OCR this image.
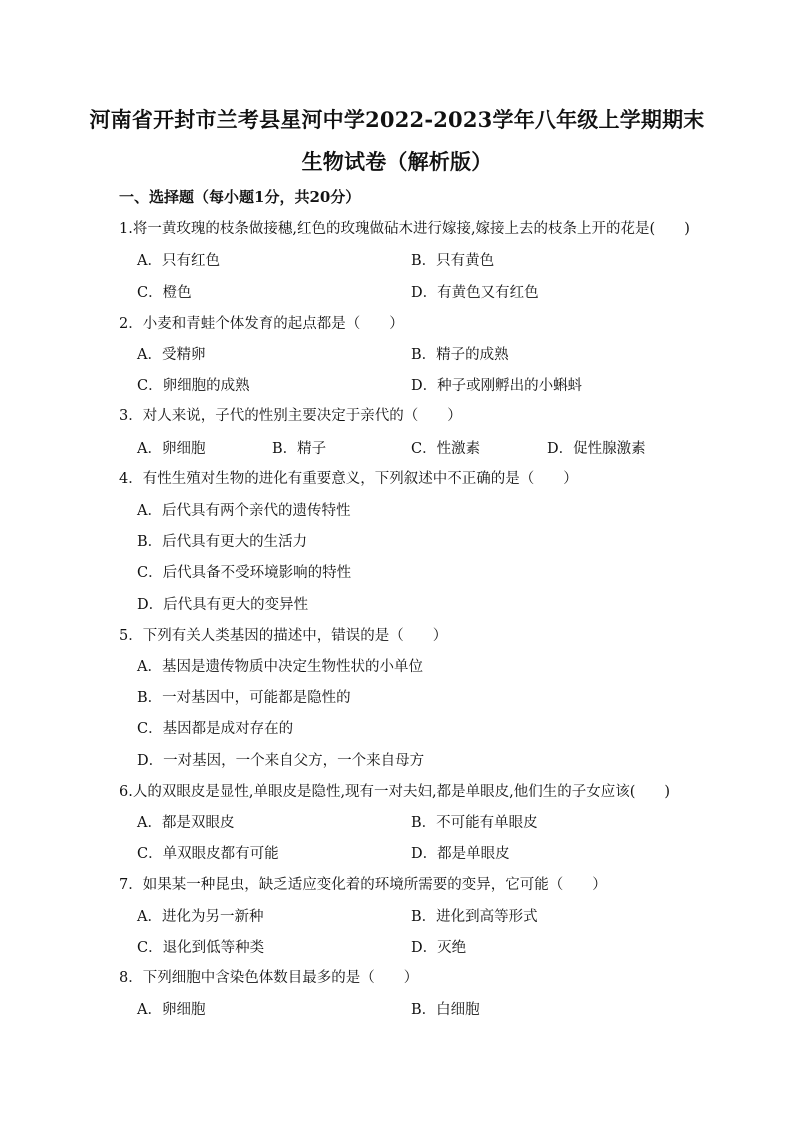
河南省开封市兰考县星河中学2022-2023学年八年级上学期期末
生物试卷（解析版）
一、选择题（每小题1分，共20分）
1.将一黄玫瑰的枝条做接穗,红色的玫瑰做砧木进行嫁接,嫁接上去的枝条上开的花是(　　)
A．只有红色	B．只有黄色
C．橙色	D．有黄色又有红色
2．小麦和青蛙个体发育的起点都是（　　）
A．受精卵	B．精子的成熟
C．卵细胞的成熟	D．种子或刚孵出的小蝌蚪
3．对人来说，子代的性别主要决定于亲代的（　　）
A．卵细胞	B．精子	C．性激素	D．促性腺激素
4．有性生殖对生物的进化有重要意义，下列叙述中不正确的是（　　）
A．后代具有两个亲代的遗传特性
B．后代具有更大的生活力
C．后代具备不受环境影响的特性
D．后代具有更大的变异性
5．下列有关人类基因的描述中，错误的是（　　）
A．基因是遗传物质中决定生物性状的小单位
B．一对基因中，可能都是隐性的
C．基因都是成对存在的
D．一对基因，一个来自父方，一个来自母方
6.人的双眼皮是显性,单眼皮是隐性,现有一对夫妇,都是单眼皮,他们生的子女应该(　　)
A．都是双眼皮	B．不可能有单眼皮
C．单双眼皮都有可能	D．都是单眼皮
7．如果某一种昆虫，缺乏适应变化着的环境所需要的变异，它可能（　　）
A．进化为另一新种	B．进化到高等形式
C．退化到低等种类	D．灭绝
8．下列细胞中含染色体数目最多的是（　　）
A．卵细胞	B．白细胞
